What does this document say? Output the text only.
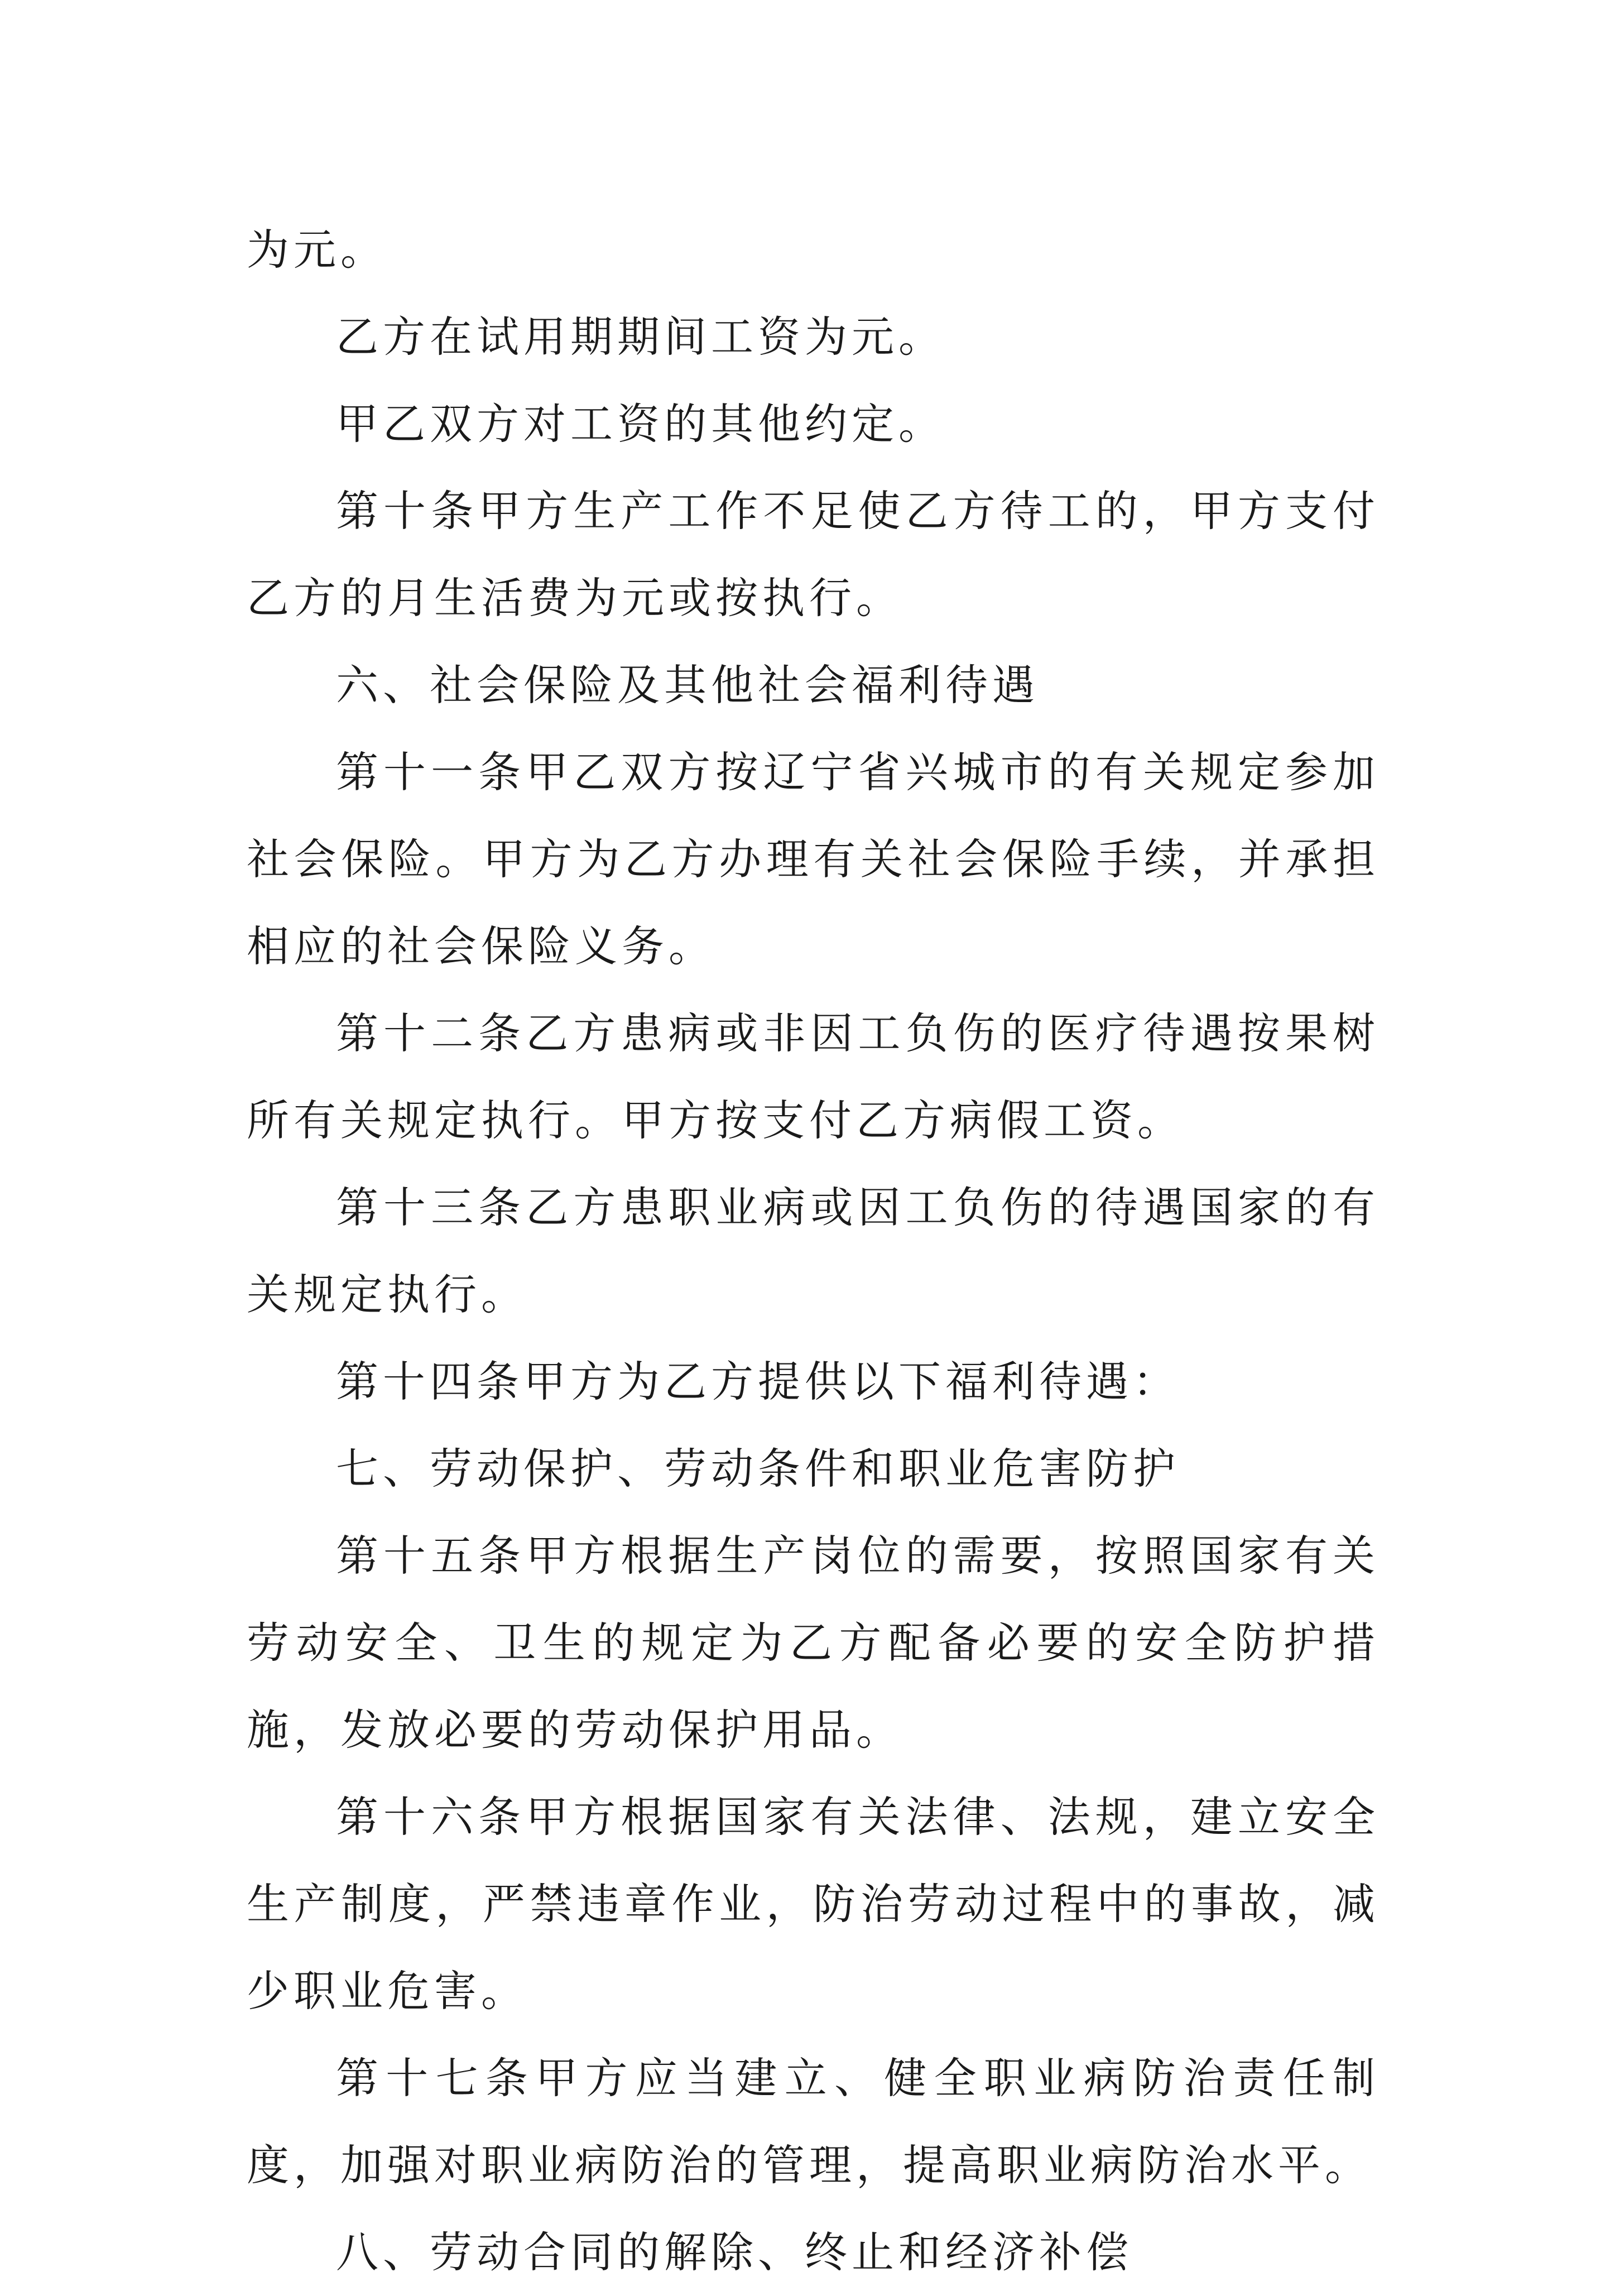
为元。

乙方在试用期期间工资为元。

甲乙双方对工资的其他约定。

第十条甲方生产工作不足使乙方待工的，甲方支付乙方的月生活费为元或按执行。

六、社会保险及其他社会福利待遇

第十一条甲乙双方按辽宁省兴城市的有关规定参加社会保险。甲方为乙方办理有关社会保险手续，并承担相应的社会保险义务。

第十二条乙方患病或非因工负伤的医疗待遇按果树所有关规定执行。甲方按支付乙方病假工资。

第十三条乙方患职业病或因工负伤的待遇国家的有关规定执行。

第十四条甲方为乙方提供以下福利待遇：

七、劳动保护、劳动条件和职业危害防护

第十五条甲方根据生产岗位的需要，按照国家有关劳动安全、卫生的规定为乙方配备必要的安全防护措施，发放必要的劳动保护用品。

第十六条甲方根据国家有关法律、法规，建立安全生产制度，严禁违章作业，防治劳动过程中的事故，减少职业危害。

第十七条甲方应当建立、健全职业病防治责任制度，加强对职业病防治的管理，提高职业病防治水平。

八、劳动合同的解除、终止和经济补偿
